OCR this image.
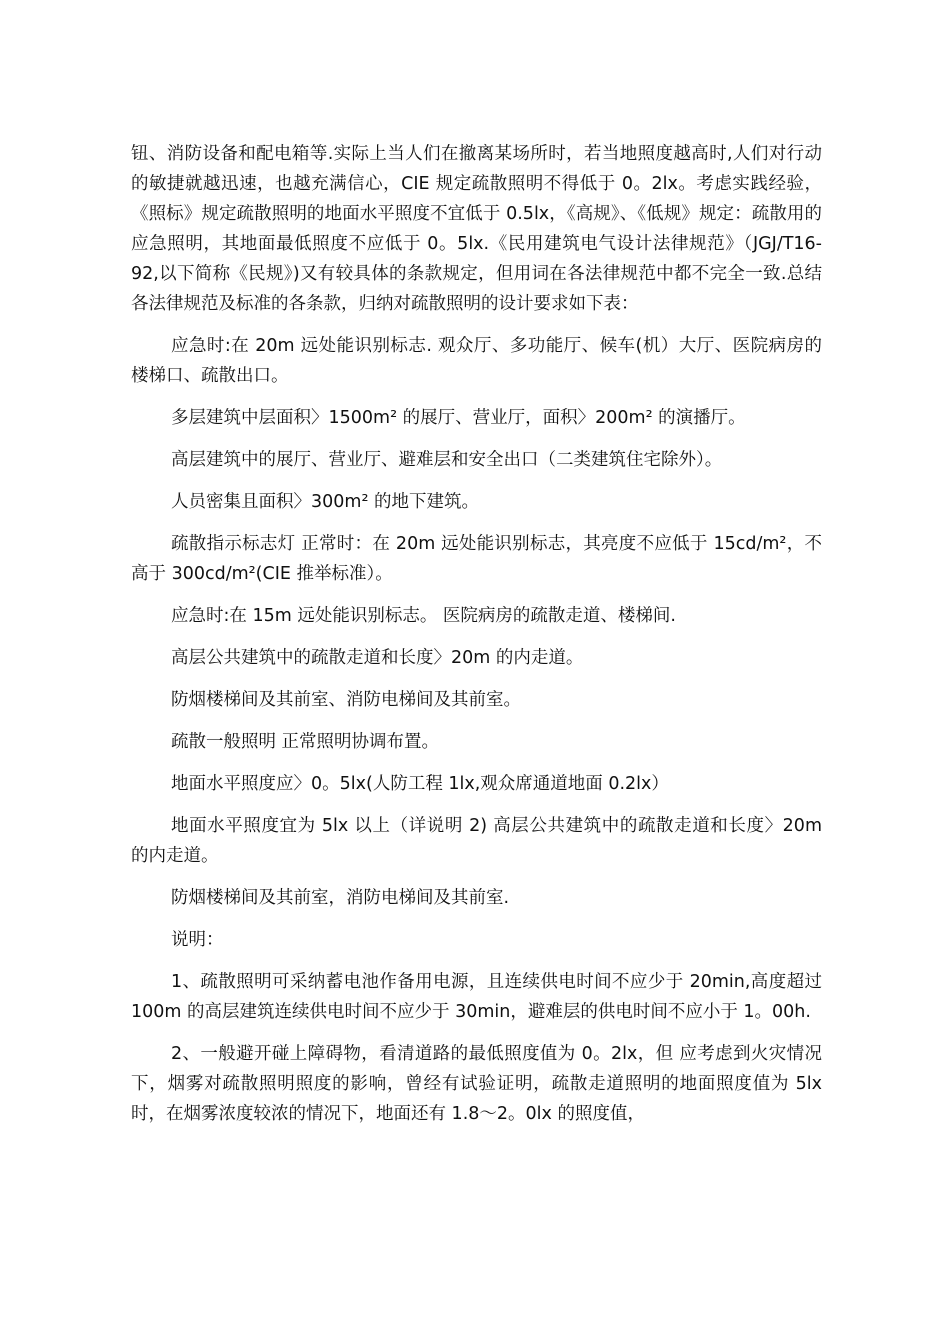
钮、消防设备和配电箱等.实际上当人们在撤离某场所时，若当地照度越高时,人们对行动的敏捷就越迅速，也越充满信心，CIE 规定疏散照明不得低于 0。2lx。考虑实践经验，《照标》规定疏散照明的地面水平照度不宜低于 0.5lx，《高规》、《低规》规定：疏散用的应急照明，其地面最低照度不应低于 0。5lx.《民用建筑电气设计法律规范》（JGJ/T16-92,以下简称《民规》)又有较具体的条款规定，但用词在各法律规范中都不完全一致.总结各法律规范及标准的各条款，归纳对疏散照明的设计要求如下表：

应急时:在 20m 远处能识别标志. 观众厅、多功能厅、候车(机）大厅、医院病房的楼梯口、疏散出口。

多层建筑中层面积〉1500m² 的展厅、营业厅，面积〉200m² 的演播厅。

高层建筑中的展厅、营业厅、避难层和安全出口（二类建筑住宅除外）。

人员密集且面积〉300m² 的地下建筑。

疏散指示标志灯 正常时：在 20m 远处能识别标志，其亮度不应低于 15cd/m²，不高于 300cd/m²(CIE 推举标准）。

应急时:在 15m 远处能识别标志。 医院病房的疏散走道、楼梯间.

高层公共建筑中的疏散走道和长度〉20m 的内走道。

防烟楼梯间及其前室、消防电梯间及其前室。

疏散一般照明 正常照明协调布置。

地面水平照度应〉0。5lx(人防工程 1lx,观众席通道地面 0.2lx）

地面水平照度宜为 5lx 以上（详说明 2) 高层公共建筑中的疏散走道和长度〉20m 的内走道。

防烟楼梯间及其前室，消防电梯间及其前室.

说明：

1、疏散照明可采纳蓄电池作备用电源，且连续供电时间不应少于 20min,高度超过 100m 的高层建筑连续供电时间不应少于 30min，避难层的供电时间不应小于 1。00h.

2、一般避开碰上障碍物，看清道路的最低照度值为 0。2lx，但 应考虑到火灾情况下，烟雾对疏散照明照度的影响，曾经有试验证明，疏散走道照明的地面照度值为 5lx 时，在烟雾浓度较浓的情况下，地面还有 1.8～2。0lx 的照度值，
